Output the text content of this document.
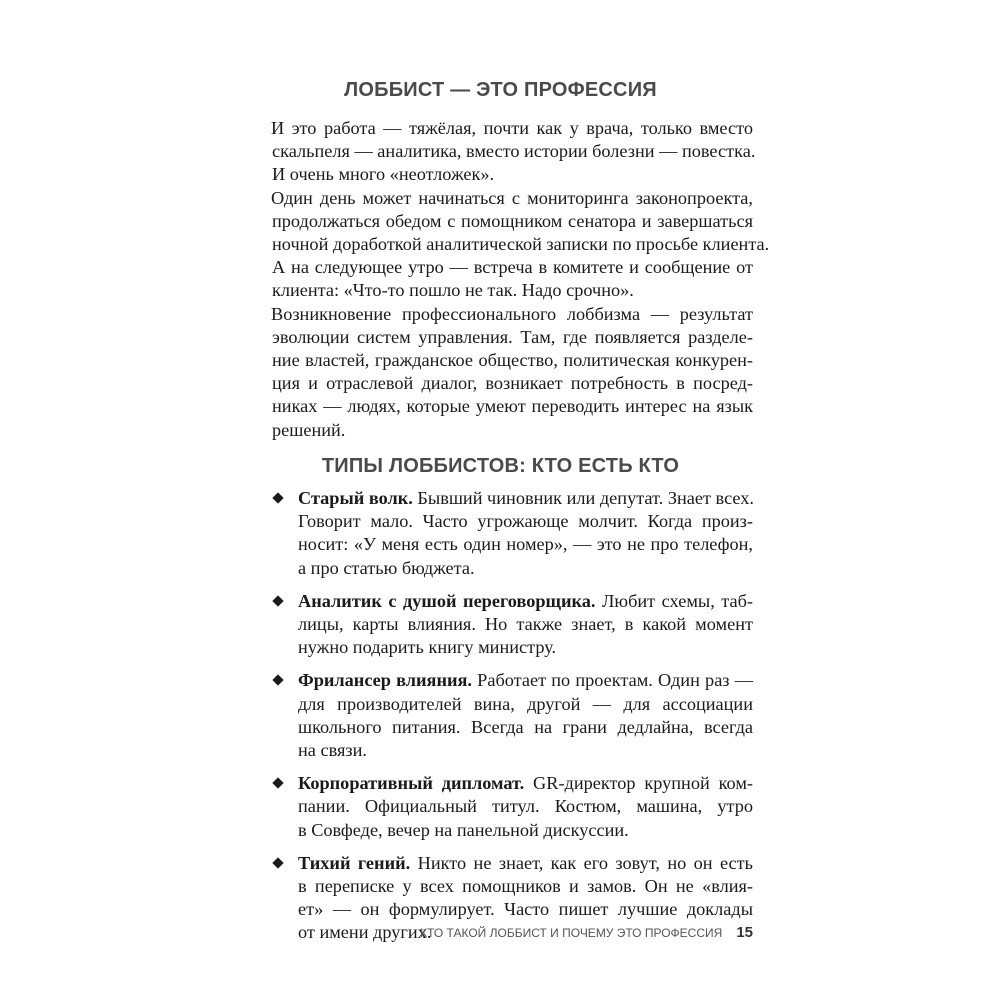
ЛОББИСТ — ЭТО ПРОФЕССИЯ
И это работа — тяжёлая, почти как у врача, только вместо
скальпеля — аналитика, вместо истории болезни — повестка.
И очень много «неотложек».
Один день может начинаться с мониторинга законопроекта,
продолжаться обедом с помощником сенатора и завершаться
ночной доработкой аналитической записки по просьбе клиента.
А на следующее утро — встреча в комитете и сообщение от
клиента: «Что-то пошло не так. Надо срочно».
Возникновение профессионального лоббизма — результат
эволюции систем управления. Там, где появляется разделе-
ние властей, гражданское общество, политическая конкурен-
ция и отраслевой диалог, возникает потребность в посред-
никах — людях, которые умеют переводить интерес на язык
решений.
ТИПЫ ЛОББИСТОВ: КТО ЕСТЬ КТО
Старый волк. Бывший чиновник или депутат. Знает всех.
Говорит мало. Часто угрожающе молчит. Когда произ-
носит: «У меня есть один номер», — это не про телефон,
а про статью бюджета.
Аналитик с душой переговорщика. Любит схемы, таб-
лицы, карты влияния. Но также знает, в какой момент
нужно подарить книгу министру.
Фрилансер влияния. Работает по проектам. Один раз —
для производителей вина, другой — для ассоциации
школьного питания. Всегда на грани дедлайна, всегда
на связи.
Корпоративный дипломат. GR-директор крупной ком-
пании. Официальный титул. Костюм, машина, утро
в Совфеде, вечер на панельной дискуссии.
Тихий гений. Никто не знает, как его зовут, но он есть
в переписке у всех помощников и замов. Он не «влия-
ет» — он формулирует. Часто пишет лучшие доклады
от имени других.
КТО ТАКОЙ ЛОББИСТ И ПОЧЕМУ ЭТО ПРОФЕССИЯ 15
